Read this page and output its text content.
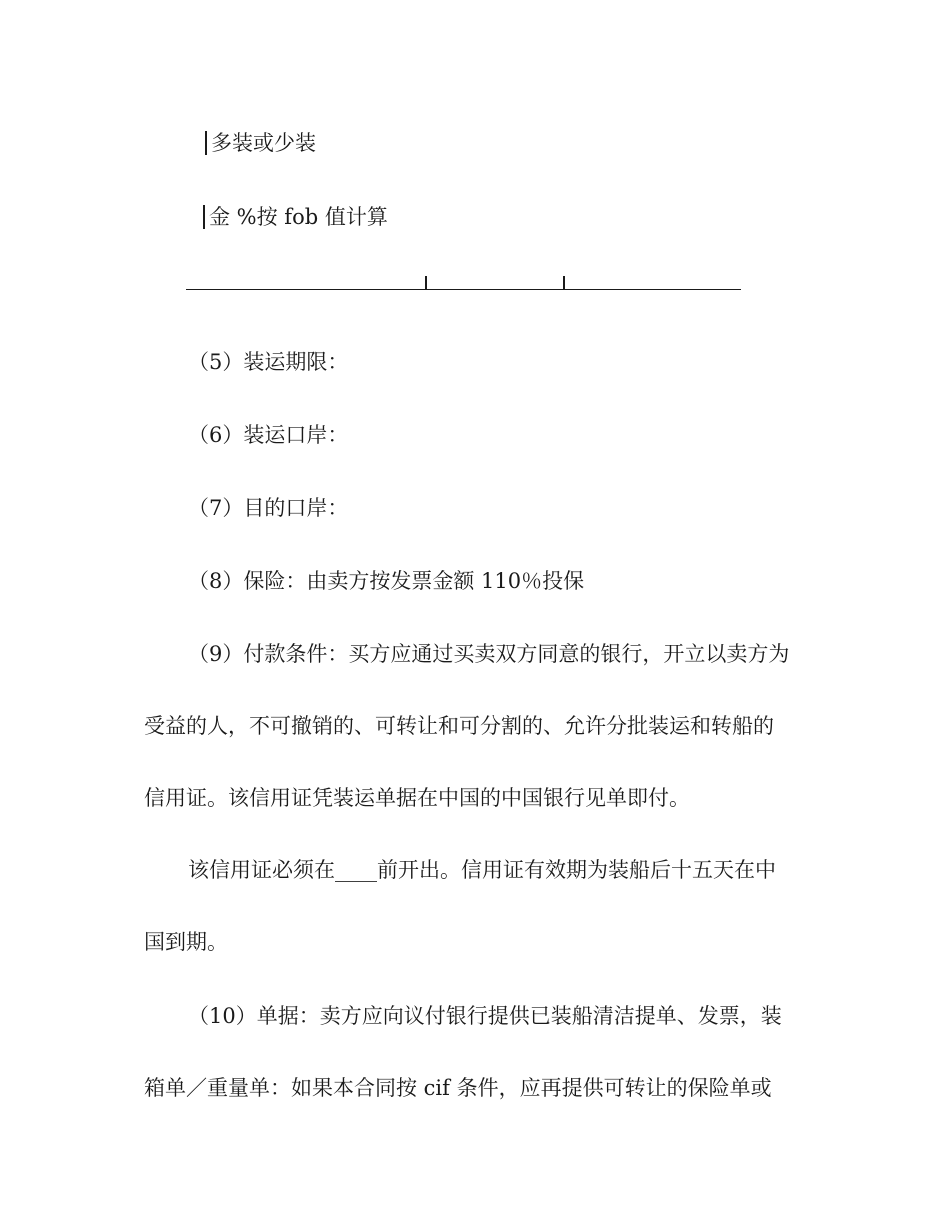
多装或少装
金 %按 fob 值计算
（5）装运期限：
（6）装运口岸：
（7）目的口岸：
（8）保险：由卖方按发票金额 110％投保
（9）付款条件：买方应通过买卖双方同意的银行，开立以卖方为
受益的人，不可撤销的、可转让和可分割的、允许分批装运和转船的
信用证。该信用证凭装运单据在中国的中国银行见单即付。
该信用证必须在____前开出。信用证有效期为装船后十五天在中
国到期。
（10）单据：卖方应向议付银行提供已装船清洁提单、发票，装
箱单／重量单：如果本合同按 cif 条件，应再提供可转让的保险单或
